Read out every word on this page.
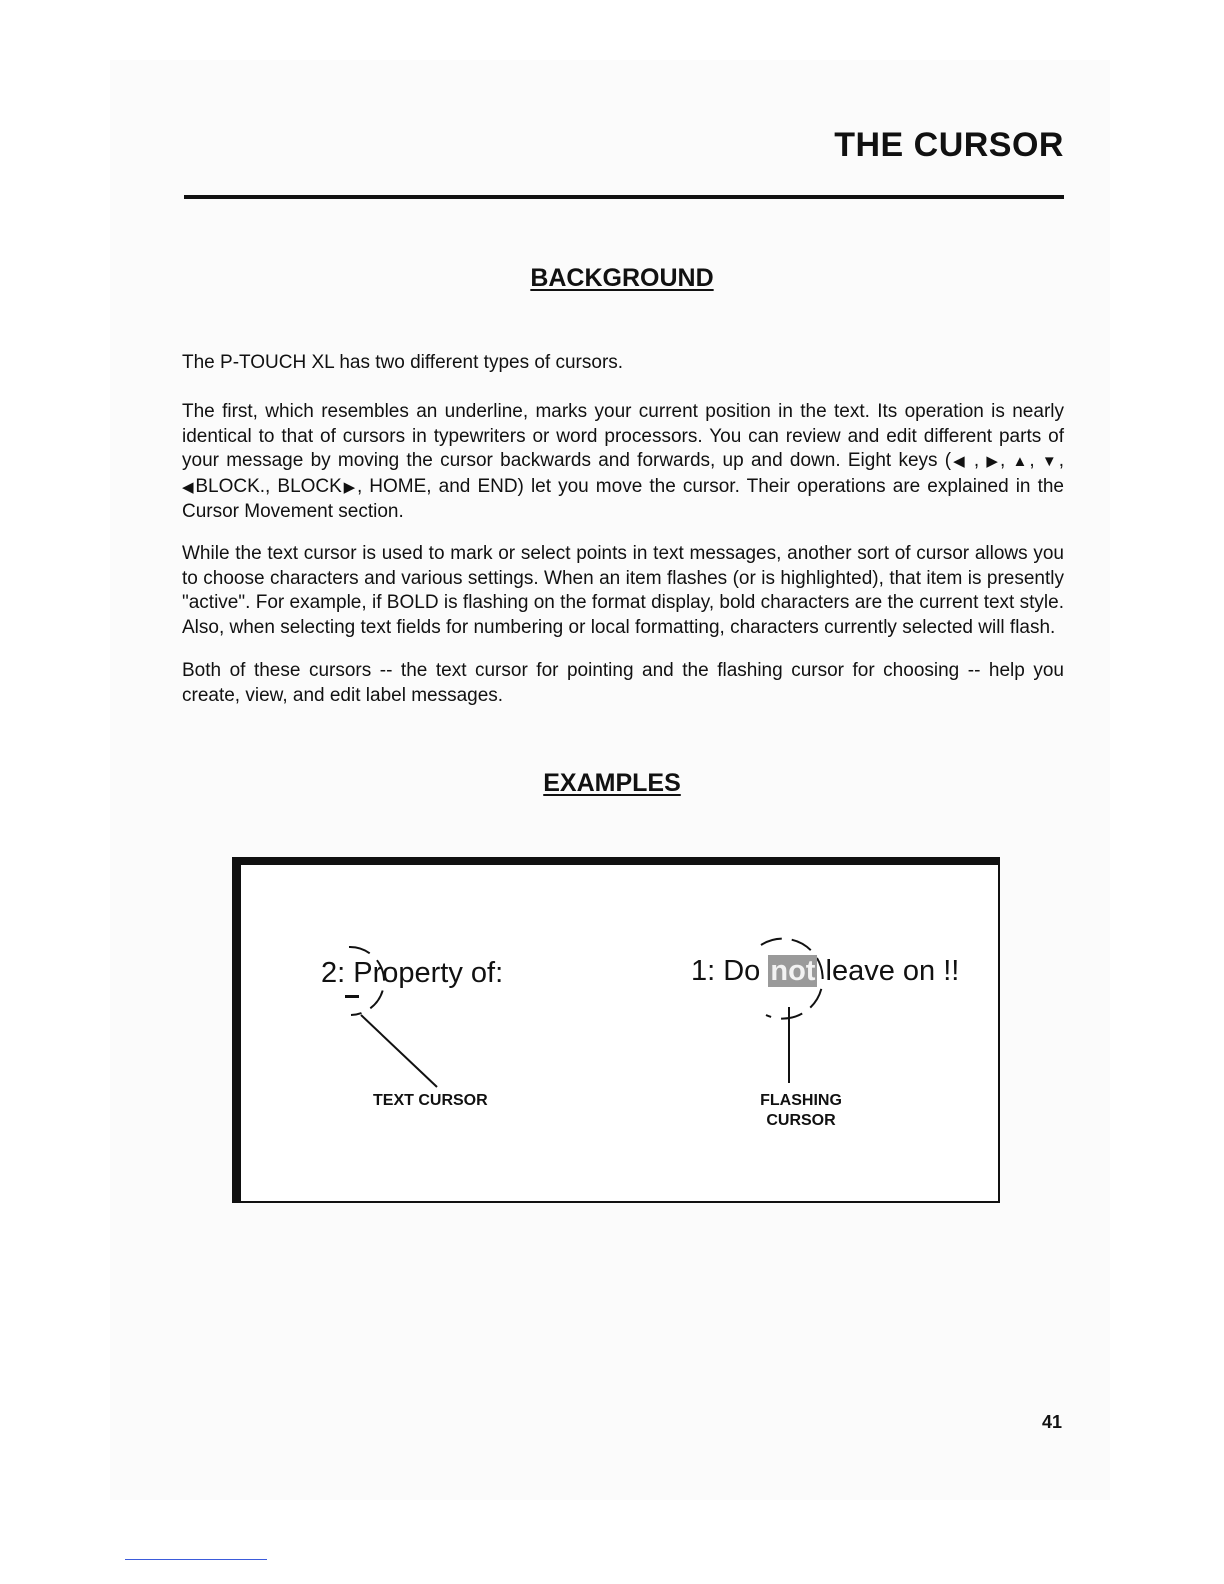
THE CURSOR
BACKGROUND

The P-TOUCH XL has two different types of cursors.

The first, which resembles an underline, marks your current position in the text. Its operation is nearly identical to that of cursors in typewriters or word processors. You can review and edit different parts of your message by moving the cursor backwards and forwards, up and down. Eight keys (◀ , ▶, ▲, ▼, ◀BLOCK., BLOCK▶, HOME, and END) let you move the cursor. Their operations are explained in the Cursor Movement section.

While the text cursor is used to mark or select points in text messages, another sort of cursor allows you to choose characters and various settings. When an item flashes (or is highlighted), that item is presently "active". For example, if BOLD is flashing on the format display, bold characters are the current text style. Also, when selecting text fields for numbering or local formatting, characters currently selected will flash.

Both of these cursors -- the text cursor for pointing and the flashing cursor for choosing -- help you create, view, and edit label messages.

EXAMPLES
2: Property of:	1: Do not leave on !!

TEXT CURSOR	FLASHING
CURSOR

41
